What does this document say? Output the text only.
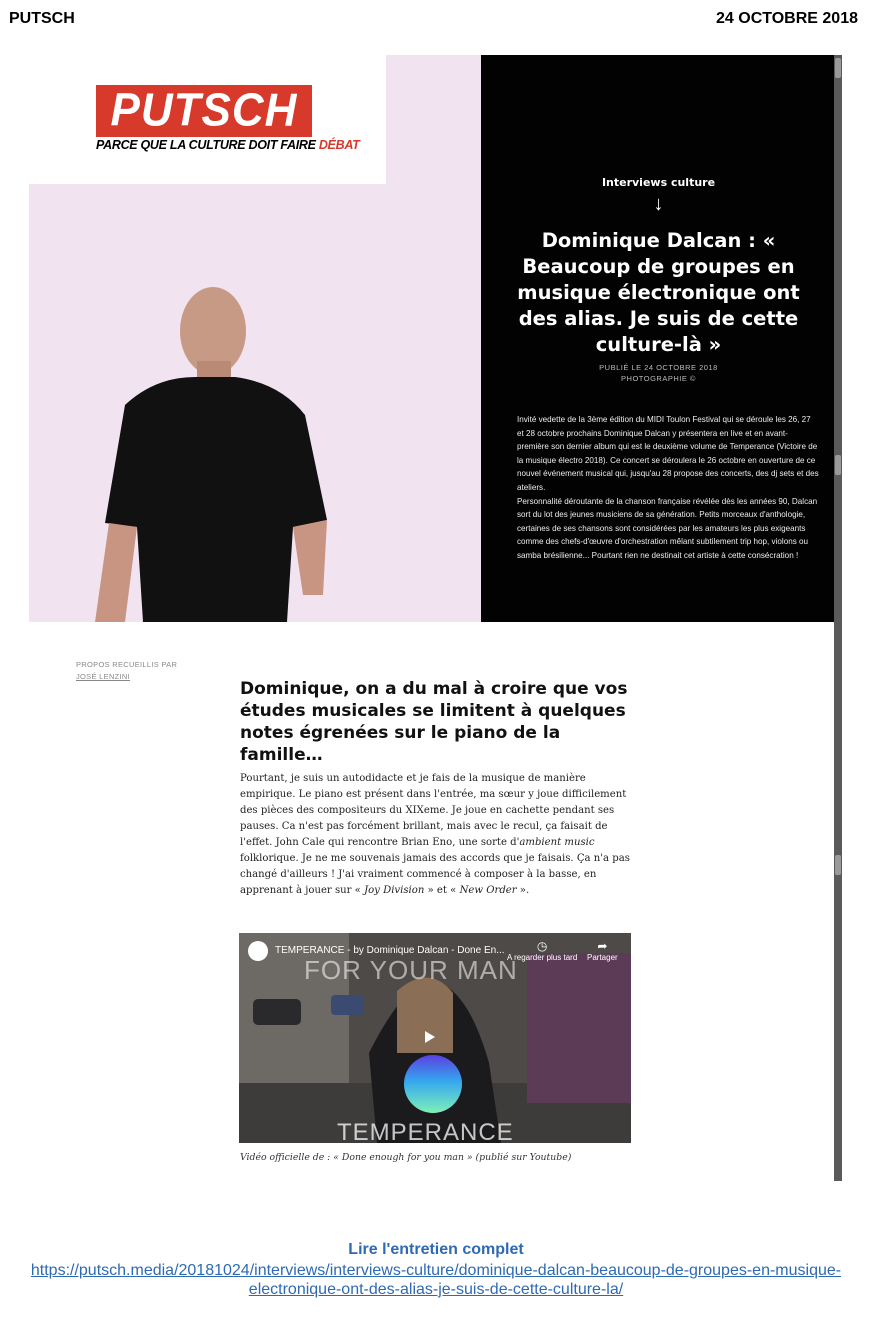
PUTSCH	24 OCTOBRE 2018
PUTSCH
PARCE QUE LA CULTURE DOIT FAIRE DÉBAT
Interviews culture
↓
Dominique Dalcan : « Beaucoup de groupes en musique électronique ont des alias. Je suis de cette culture-là »
PUBLIÉ LE 24 OCTOBRE 2018
PHOTOGRAPHIE ©
Invité vedette de la 3ème édition du MIDI Toulon Festival qui se déroule les 26, 27 et 28 octobre prochains Dominique Dalcan y présentera en live et en avant-première son dernier album qui est le deuxième volume de Temperance (Victoire de la musique électro 2018). Ce concert se déroulera le 26 octobre en ouverture de ce nouvel événement musical qui, jusqu'au 28 propose des concerts, des dj sets et des ateliers.
Personnalité déroutante de la chanson française révélée dès les années 90, Dalcan sort du lot des jeunes musiciens de sa génération. Petits morceaux d'anthologie, certaines de ses chansons sont considérées par les amateurs les plus exigeants comme des chefs-d'œuvre d'orchestration mêlant subtilement trip hop, violons ou samba brésilienne... Pourtant rien ne destinait cet artiste à cette consécration !
PROPOS RECUEILLIS PAR
JOSÉ LENZINI
Dominique, on a du mal à croire que vos études musicales se limitent à quelques notes égrenées sur le piano de la famille…
Pourtant, je suis un autodidacte et je fais de la musique de manière empirique. Le piano est présent dans l'entrée, ma sœur y joue difficilement des pièces des compositeurs du XIXeme. Je joue en cachette pendant ses pauses. Ca n'est pas forcément brillant, mais avec le recul, ça faisait de l'effet. John Cale qui rencontre Brian Eno, une sorte d'ambient music folklorique. Je ne me souvenais jamais des accords que je faisais. Ça n'a pas changé d'ailleurs ! J'ai vraiment commencé à composer à la basse, en apprenant à jouer sur « Joy Division » et « New Order ».
TEMPERANCE - by Dominique Dalcan - Done En...
FOR YOUR MAN
◷
A regarder plus tard
➦
Partager
TEMPERANCE
Vidéo officielle de : « Done enough for you man » (publié sur Youtube)
Lire l'entretien complet
https://putsch.media/20181024/interviews/interviews-culture/dominique-dalcan-beaucoup-de-groupes-en-musique-electronique-ont-des-alias-je-suis-de-cette-culture-la/
